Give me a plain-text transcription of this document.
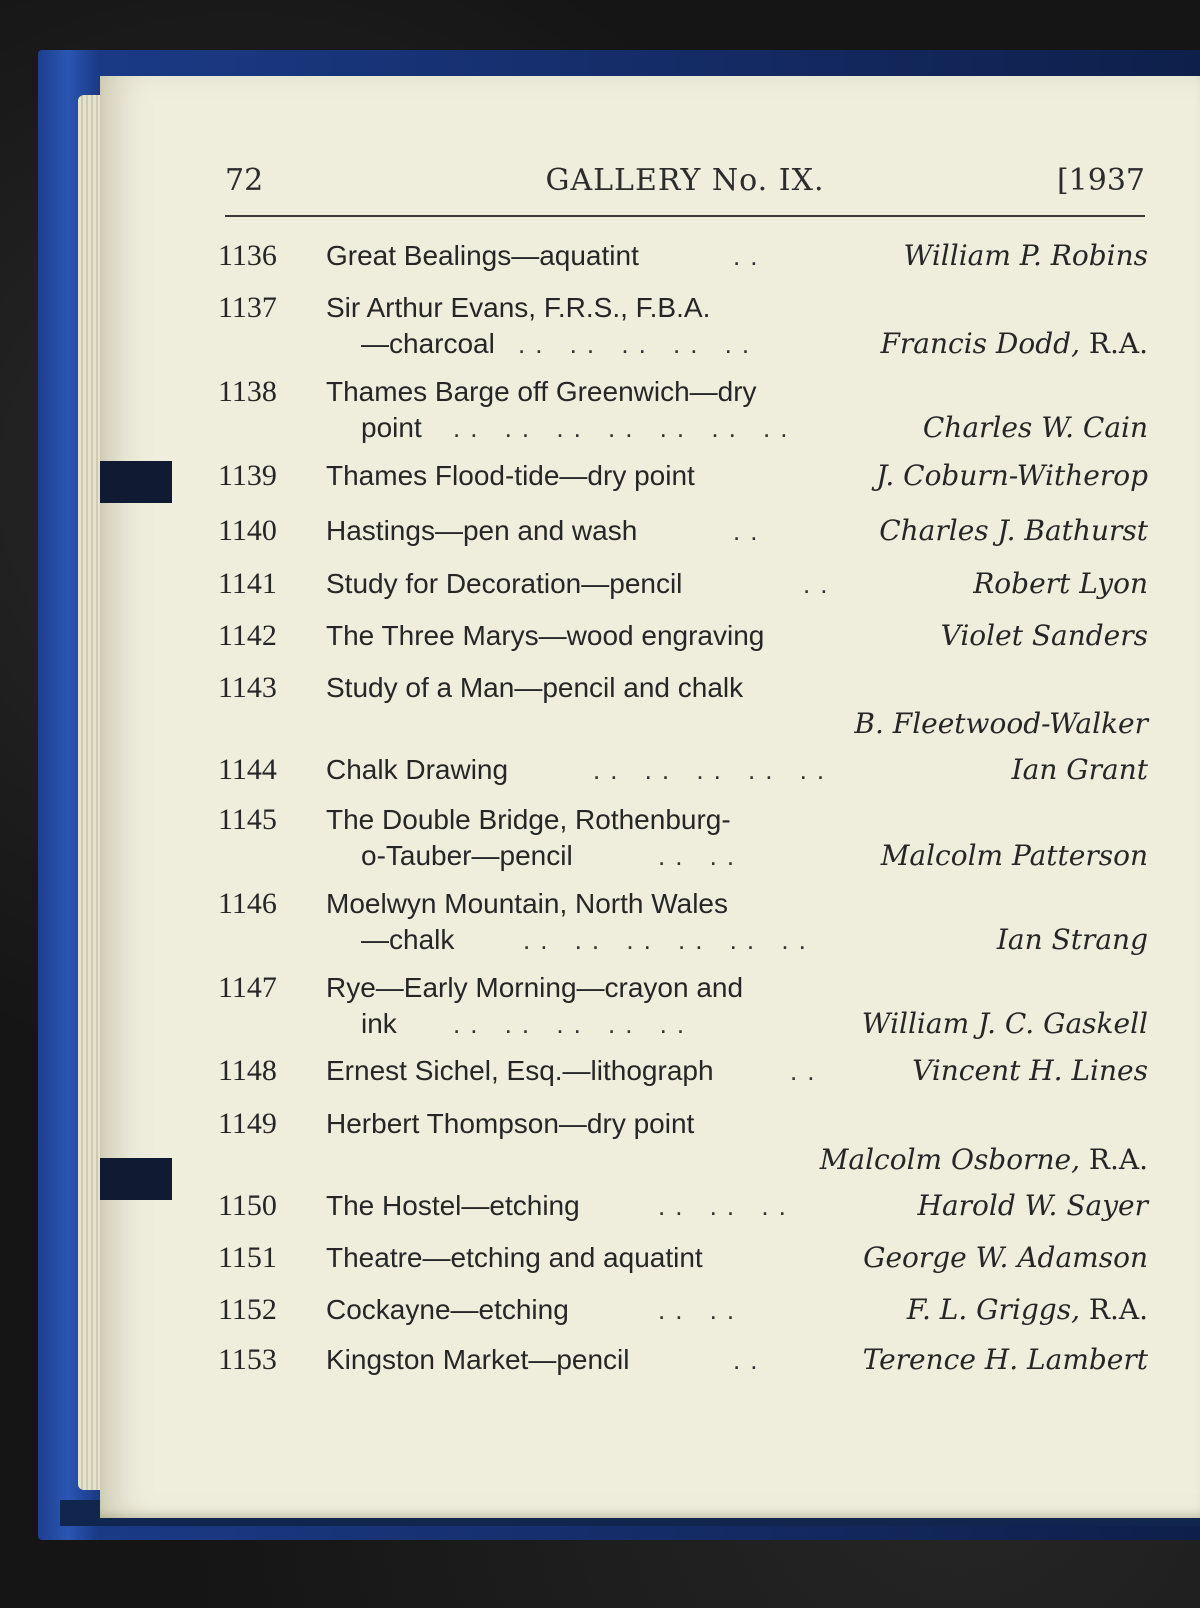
72	GALLERY No. IX.	[1937
1136	Great Bealings—aquatint	..	William P. Robins
1137	Sir Arthur Evans, F.R.S., F.B.A.
—charcoal .. .. .. .. ..	Francis Dodd, R.A.
1138	Thames Barge off Greenwich—dry
point .. .. .. .. .. .. ..	Charles W. Cain
1139	Thames Flood-tide—dry point	J. Coburn-Witherop
1140	Hastings—pen and wash	..	Charles J. Bathurst
1141	Study for Decoration—pencil	..	Robert Lyon
1142	The Three Marys—wood engraving	Violet Sanders
1143	Study of a Man—pencil and chalk
B. Fleetwood-Walker
1144	Chalk Drawing	.. .. .. .. ..	Ian Grant
1145	The Double Bridge, Rothenburg-
o-Tauber—pencil	.. ..	Malcolm Patterson
1146	Moelwyn Mountain, North Wales
—chalk	.. .. .. .. .. ..	Ian Strang
1147	Rye—Early Morning—crayon and
ink .. .. .. .. ..	William J. C. Gaskell
1148	Ernest Sichel, Esq.—lithograph	..	Vincent H. Lines
1149	Herbert Thompson—dry point
Malcolm Osborne, R.A.
1150	The Hostel—etching	.. .. ..	Harold W. Sayer
1151	Theatre—etching and aquatint	George W. Adamson
1152	Cockayne—etching	.. ..	F. L. Griggs, R.A.
1153	Kingston Market—pencil	..	Terence H. Lambert
